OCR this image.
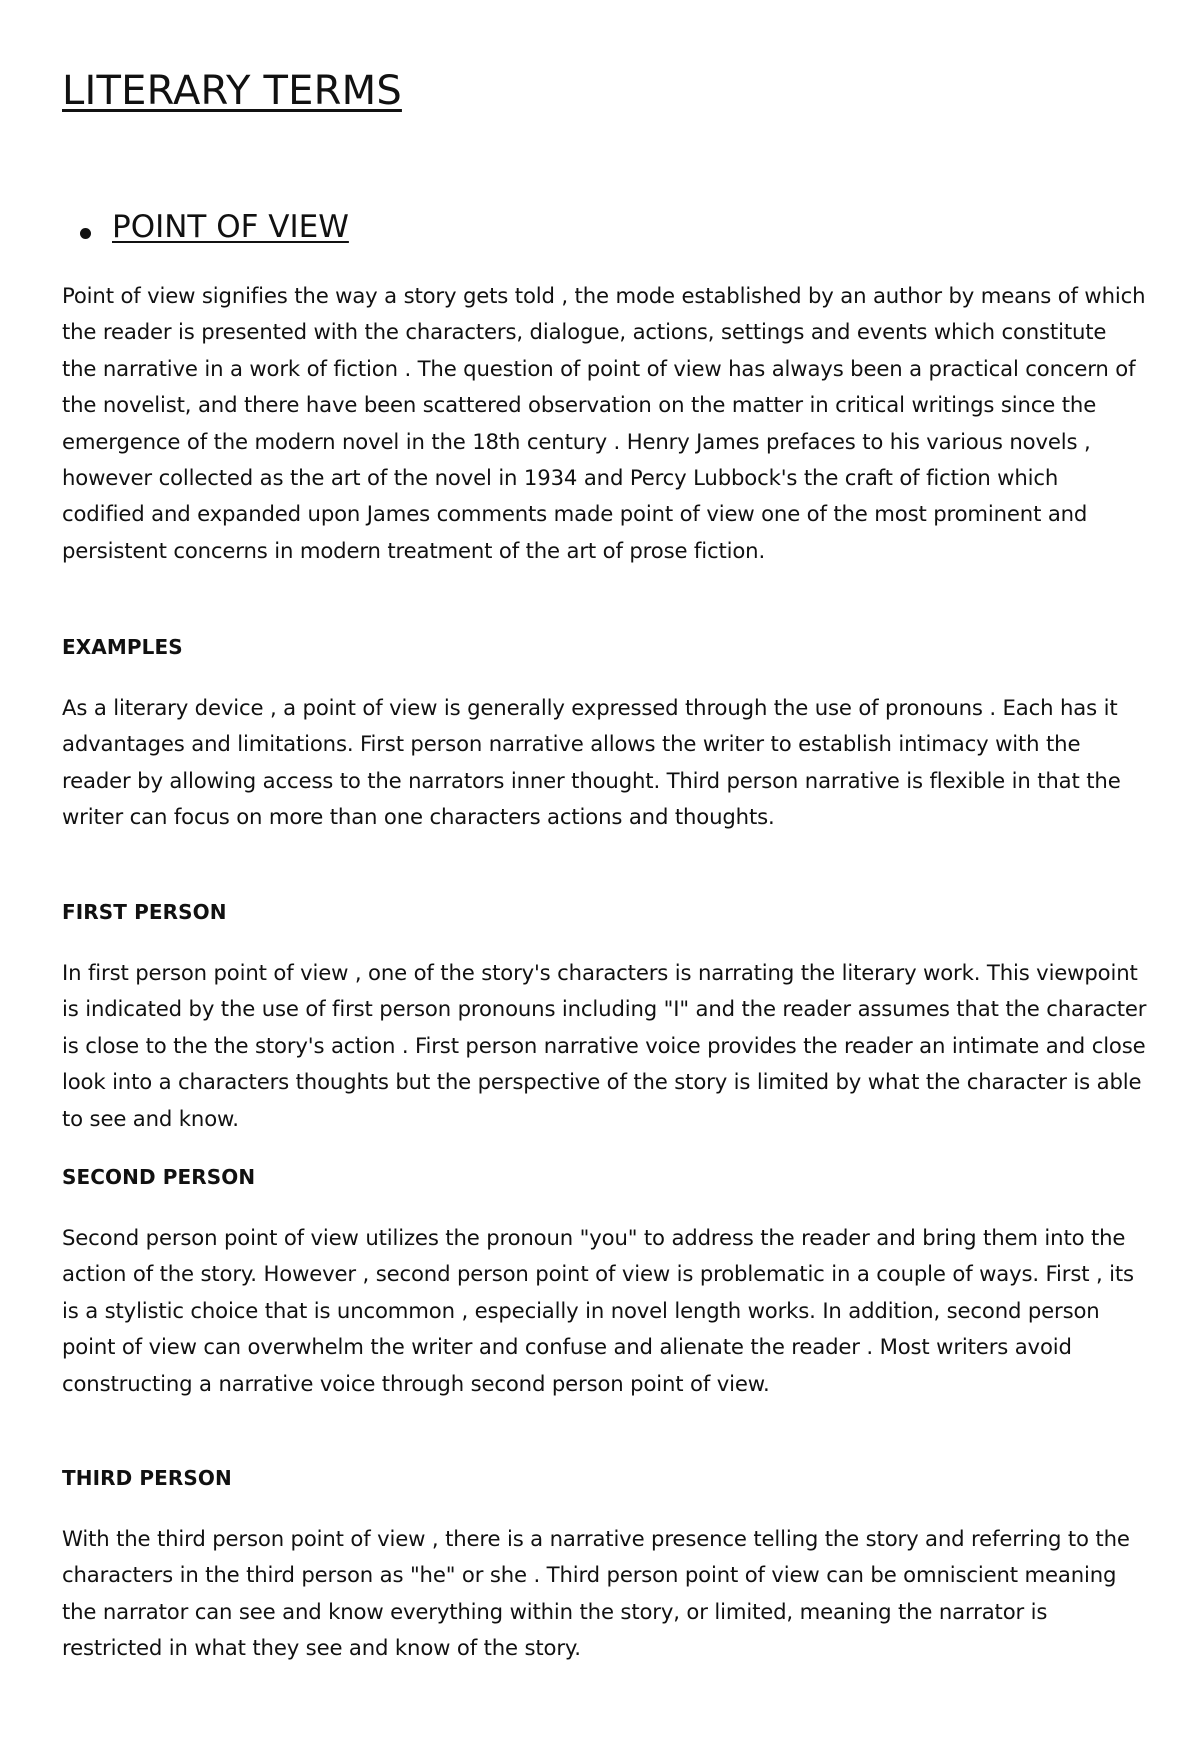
LITERARY TERMS
POINT OF VIEW

Point of view signifies the way a story gets told , the mode established by an author by means of which the reader is presented with the characters, dialogue, actions, settings and events which constitute the narrative in a work of fiction . The question of point of view has always been a practical concern of the novelist, and there have been scattered observation on the matter in critical writings since the emergence of the modern novel in the 18th century . Henry James prefaces to his various novels , however collected as the art of the novel in 1934 and Percy Lubbock's the craft of fiction which codified and expanded upon James comments made point of view one of the most prominent and persistent concerns in modern treatment of the art of prose fiction.

EXAMPLES

As a literary device , a point of view is generally expressed through the use of pronouns . Each has it advantages and limitations. First person narrative allows the writer to establish intimacy with the reader by allowing access to the narrators inner thought. Third person narrative is flexible in that the writer can focus on more than one characters actions and thoughts.

FIRST PERSON

In first person point of view , one of the story's characters is narrating the literary work. This viewpoint is indicated by the use of first person pronouns including "I" and the reader assumes that the character is close to the the story's action . First person narrative voice provides the reader an intimate and close look into a characters thoughts but the perspective of the story is limited by what the character is able to see and know.

SECOND PERSON

Second person point of view utilizes the pronoun "you" to address the reader and bring them into the action of the story. However , second person point of view is problematic in a couple of ways. First , its is a stylistic choice that is uncommon , especially in novel length works. In addition, second person point of view can overwhelm the writer and confuse and alienate the reader . Most writers avoid constructing a narrative voice through second person point of view.

THIRD PERSON

With the third person point of view , there is a narrative presence telling the story and referring to the characters in the third person as "he" or she . Third person point of view can be omniscient meaning the narrator can see and know everything within the story, or limited, meaning the narrator is restricted in what they see and know of the story.
